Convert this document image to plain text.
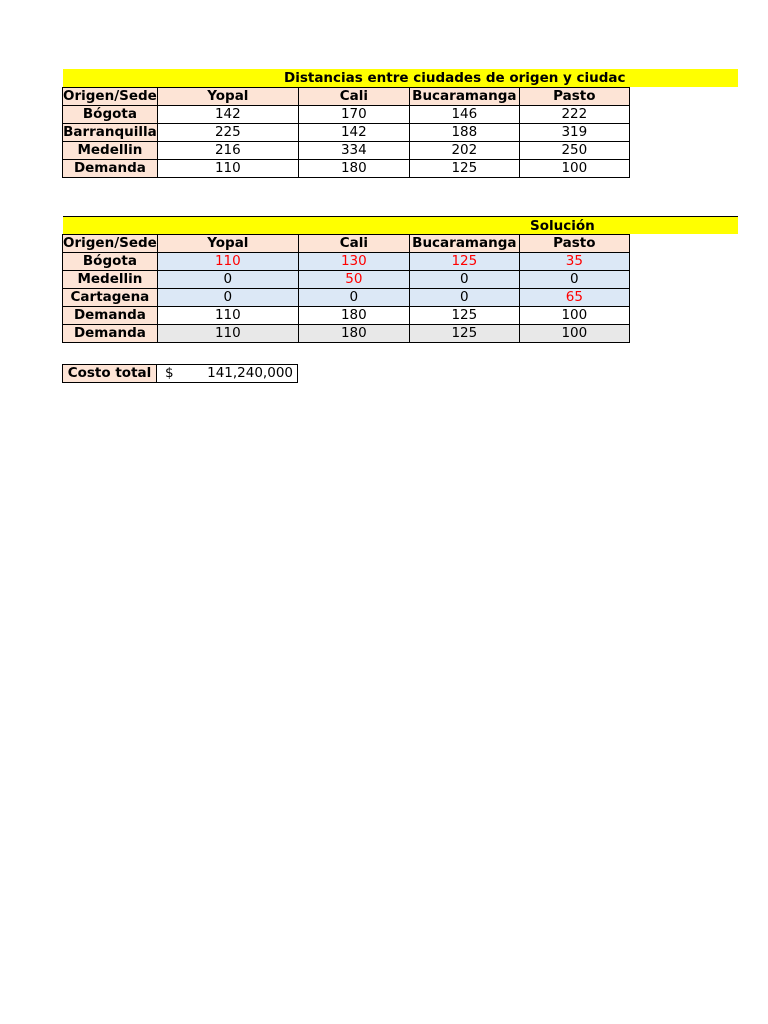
Distancias entre ciudades de origen y ciudac
Origen/Sede	Yopal	Cali	Bucaramanga	Pasto
Bógota	142	170	146	222
Barranquilla	225	142	188	319
Medellin	216	334	202	250
Demanda	110	180	125	100
Solución
Origen/Sede	Yopal	Cali	Bucaramanga	Pasto
Bógota	110	130	125	35
Medellin	0	50	0	0
Cartagena	0	0	0	65
Demanda	110	180	125	100
Demanda	110	180	125	100
Costo total	$ 141,240,000
